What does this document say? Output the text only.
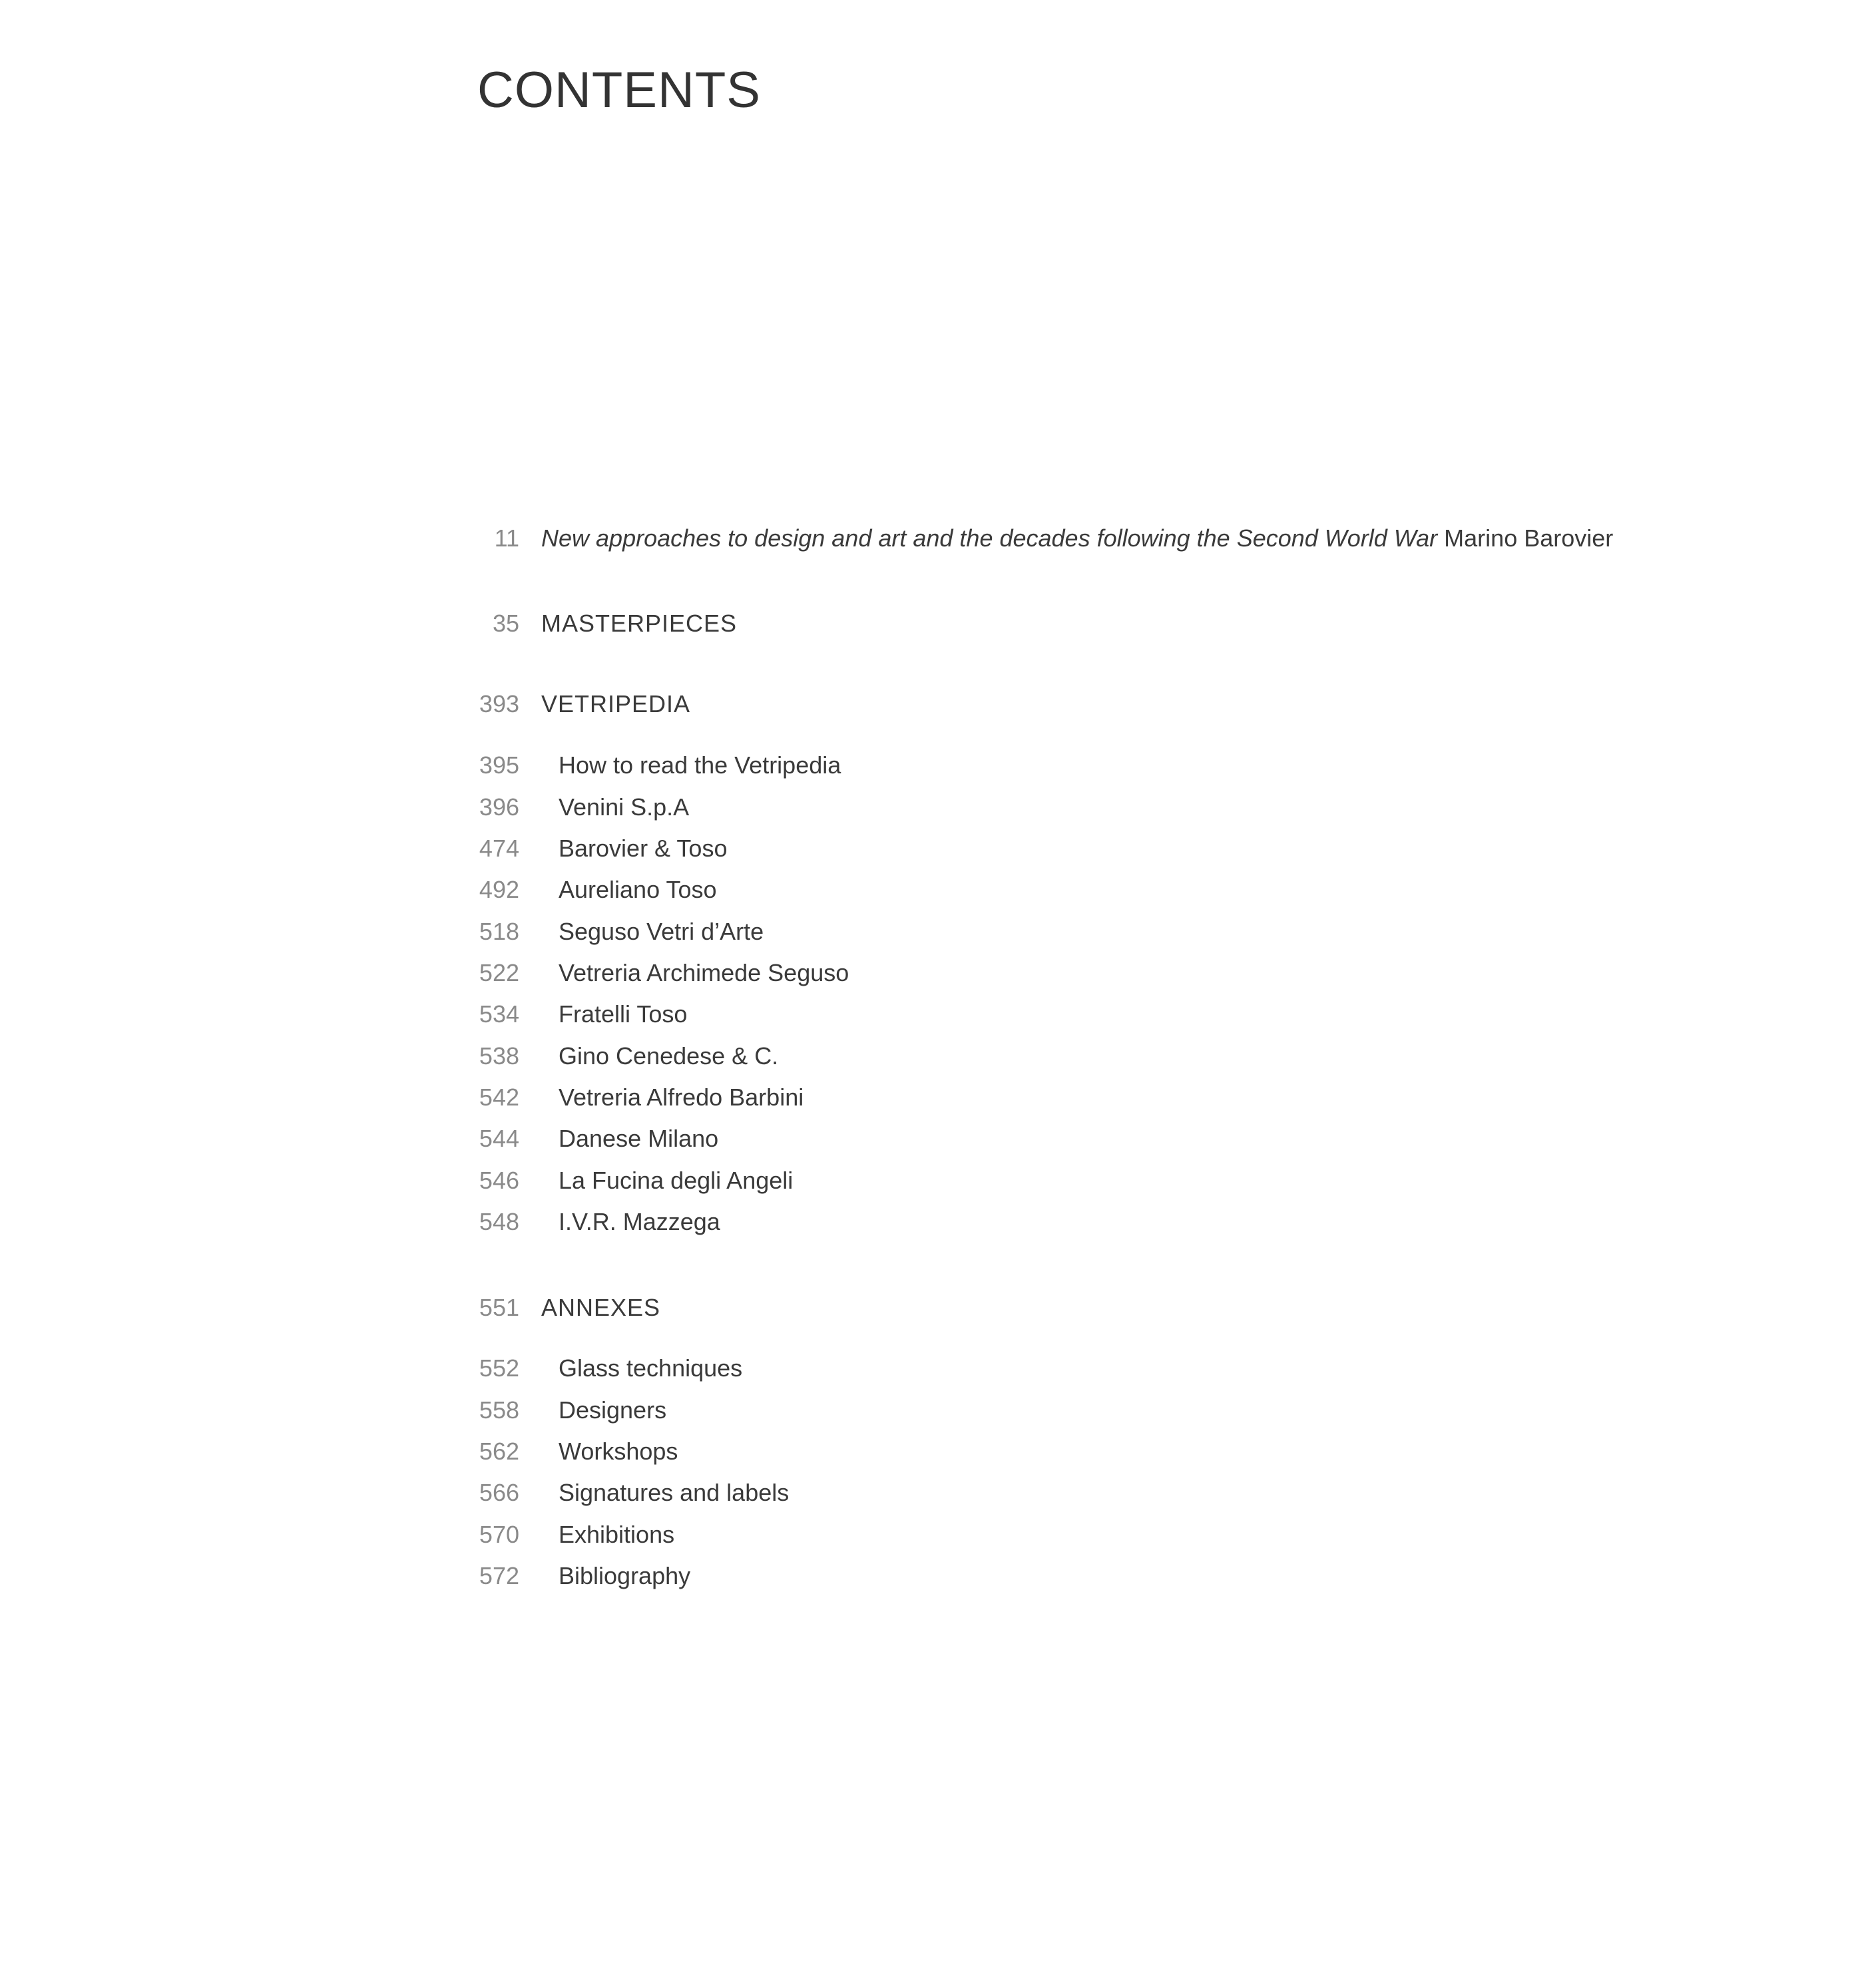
CONTENTS
11 New approaches to design and art and the decades following the Second World War Marino Barovier
35 MASTERPIECES
393 VETRIPEDIA
395 How to read the Vetripedia
396 Venini S.p.A
474 Barovier & Toso
492 Aureliano Toso
518 Seguso Vetri d’Arte
522 Vetreria Archimede Seguso
534 Fratelli Toso
538 Gino Cenedese & C.
542 Vetreria Alfredo Barbini
544 Danese Milano
546 La Fucina degli Angeli
548 I.V.R. Mazzega
551 ANNEXES
552 Glass techniques
558 Designers
562 Workshops
566 Signatures and labels
570 Exhibitions
572 Bibliography
